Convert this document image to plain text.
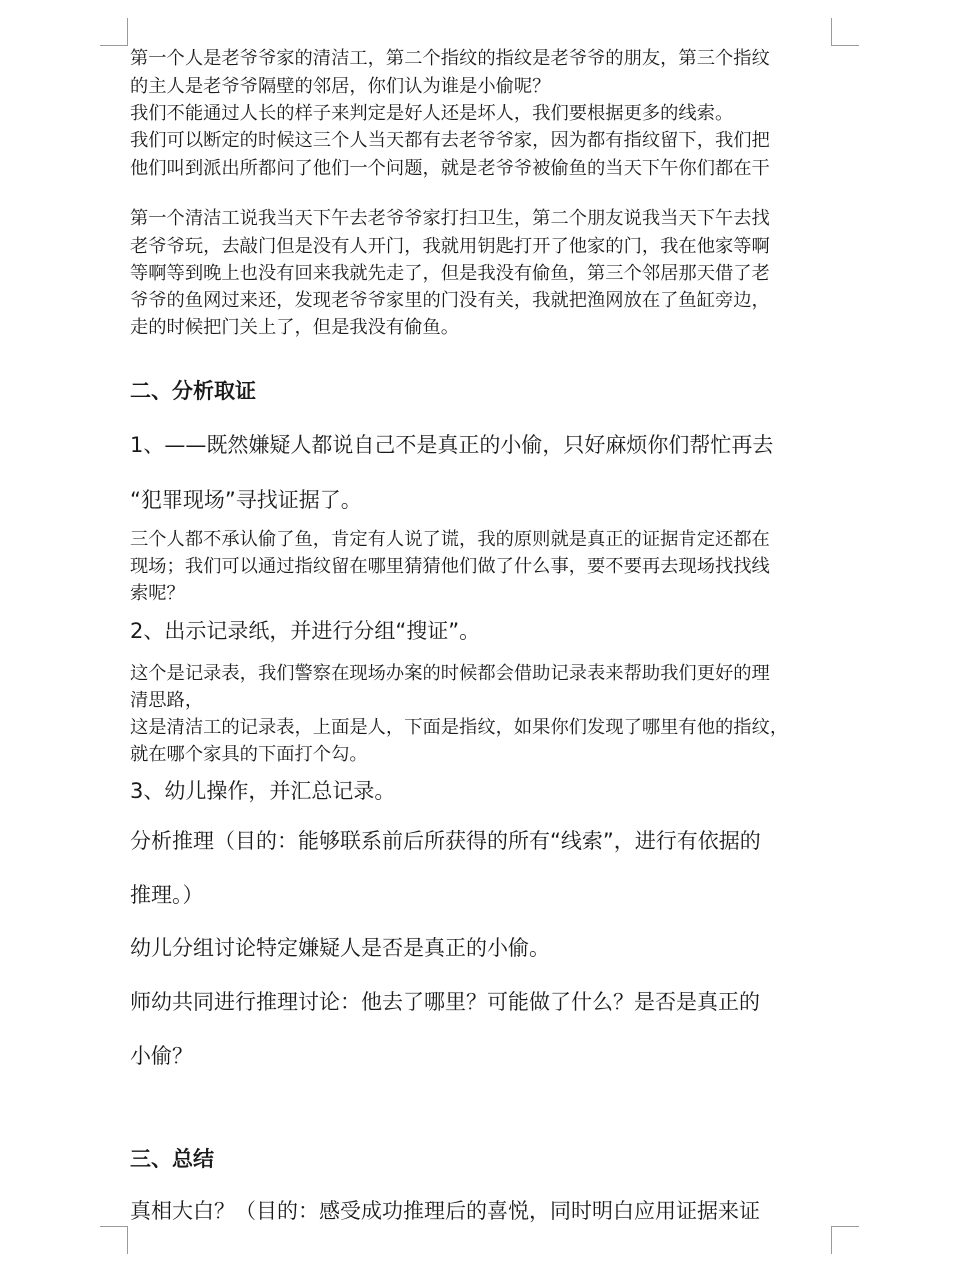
第一个人是老爷爷家的清洁工，第二个指纹的指纹是老爷爷的朋友，第三个指纹
的主人是老爷爷隔壁的邻居，你们认为谁是小偷呢？
我们不能通过人长的样子来判定是好人还是坏人，我们要根据更多的线索。
我们可以断定的时候这三个人当天都有去老爷爷家，因为都有指纹留下，我们把
他们叫到派出所都问了他们一个问题，就是老爷爷被偷鱼的当天下午你们都在干
第一个清洁工说我当天下午去老爷爷家打扫卫生，第二个朋友说我当天下午去找
老爷爷玩，去敲门但是没有人开门，我就用钥匙打开了他家的门，我在他家等啊
等啊等到晚上也没有回来我就先走了，但是我没有偷鱼，第三个邻居那天借了老
爷爷的鱼网过来还，发现老爷爷家里的门没有关，我就把渔网放在了鱼缸旁边，
走的时候把门关上了，但是我没有偷鱼。
二、分析取证
1、——既然嫌疑人都说自己不是真正的小偷，只好麻烦你们帮忙再去
“犯罪现场”寻找证据了。
三个人都不承认偷了鱼，肯定有人说了谎，我的原则就是真正的证据肯定还都在
现场；我们可以通过指纹留在哪里猜猜他们做了什么事，要不要再去现场找找线
索呢？
2、出示记录纸，并进行分组“搜证”。
这个是记录表，我们警察在现场办案的时候都会借助记录表来帮助我们更好的理
清思路，
这是清洁工的记录表，上面是人，下面是指纹，如果你们发现了哪里有他的指纹，
就在哪个家具的下面打个勾。
3、幼儿操作，并汇总记录。
分析推理（目的：能够联系前后所获得的所有“线索”，进行有依据的
推理。）
幼儿分组讨论特定嫌疑人是否是真正的小偷。
师幼共同进行推理讨论：他去了哪里？可能做了什么？是否是真正的
小偷？
三、总结
真相大白？（目的：感受成功推理后的喜悦，同时明白应用证据来证
